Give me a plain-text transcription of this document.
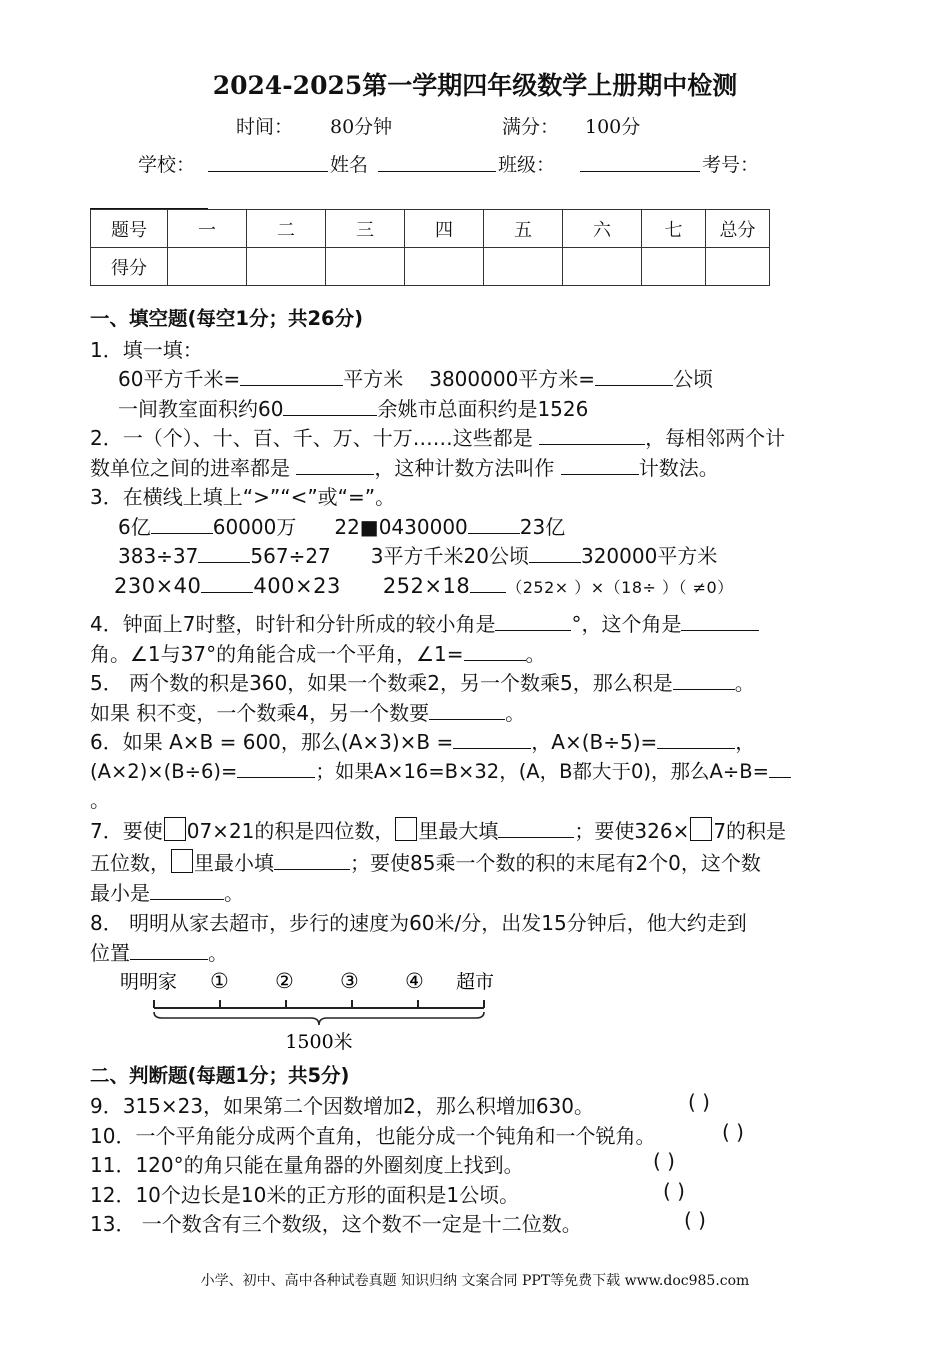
2024-2025第一学期四年级数学上册期中检测
时间： 80分钟	满分： 100分
学校：	姓名	班级：	考号：
题号	一	二	三	四	五	六	七	总分
得分								
一、填空题(每空1分；共26分)
1．填一填：
60平方千米=	平方米 3800000平方米=	公顷
一间教室面积约60	余姚市总面积约是1526
2．一（个）、十、百、千、万、十万……这些都是	，每相邻两个计
数单位之间的进率都是	，这种计数方法叫作	计数法。
3．在横线上填上“>”“<”或“=”。
6亿	60000万 22■0430000	23亿
383÷37	567÷27 3平方千米20公顷	320000平方米
230×40 400×23 252×18 （252× ）×（18÷ ）（ ≠0）
4．钟面上7时整，时针和分针所成的较小角是	°，这个角是
角。∠1与37°的角能合成一个平角，∠1=	。
5． 两个数的积是360，如果一个数乘2，另一个数乘5，那么积是	。
如果 积不变，一个数乘4，另一个数要	。
6．如果 A×B = 600，那么(A×3)×B =	，A×(B÷5)=	，
(A×2)×(B÷6)=	；如果A×16=B×32，(A，B都大于0)，那么A÷B=
。
7．要使 07×21的积是四位数， 里最大填	；要使326× 7的积是
五位数， 里最小填	；要使85乘一个数的积的末尾有2个0，这个数
最小是	。
8． 明明从家去超市，步行的速度为60米/分，出发15分钟后，他大约走到
位置	。
明明家 ① ② ③ ④ 超市
1500米
二、判断题(每题1分；共5分)
9．315×23，如果第二个因数增加2，那么积增加630。	( )
10．一个平角能分成两个直角，也能分成一个钝角和一个锐角。	( )
11．120°的角只能在量角器的外圈刻度上找到。	( )
12．10个边长是10米的正方形的面积是1公顷。	( )
13． 一个数含有三个数级，这个数不一定是十二位数。	( )
小学、初中、高中各种试卷真题 知识归纳 文案合同 PPT等免费下载 www.doc985.com
